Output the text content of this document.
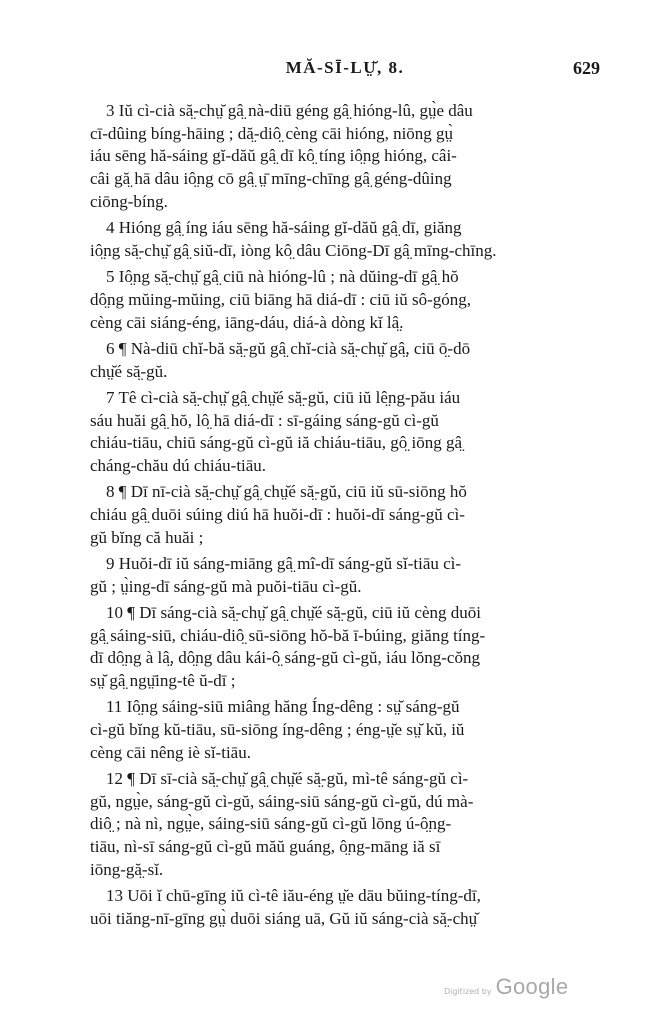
MĂ-SĪ-LṲ̆, 8.	629

3 Iŭ cì-cià să̤-chṳ̆ gâ̤ nà-diū géng gâ̤ hióng-lû, gṳ̀e dâu
cī-dûing bíng-hāing ; dă̤-diô̤ cèng cāi hióng, niōng gṳ̀
iáu sēng hă-sáing gĭ-dăŭ gâ̤ dī kô̤ tíng iô̤ng hióng, câi-
câi gă̤ hā dâu iô̤ng cō gâ̤ ṳ̄ mīng-chīng gâ̤ géng-dûing
ciōng-bíng.

4 Hióng gâ̤ íng iáu sēng hă-sáing gĭ-dăŭ gâ̤ dī, giăng
iô̤ng să̤-chṳ̆ gâ̤ siŭ-dī, iòng kô̤ dâu Ciōng-Dī gâ̤ mīng-chīng.

5 Iô̤ng să̤-chṳ̆ gâ̤ ciū nà hióng-lû ; nà dŭing-dī gâ̤ hŏ
dô̤ng mŭing-mŭing, ciū biāng hā diá-dī : ciū iŭ sô-góng,
cèng cāi siáng-éng, iāng-dáu, diá-à dòng kĭ lâ̤.

6 ¶ Nà-diū chĭ-bă să̤-gŭ gâ̤ chĭ-cià să̤-chṳ̆ gâ̤, ciū ō̤-dō
chṳ̆é să̤-gŭ.

7 Tê cì-cià să̤-chṳ̆ gâ̤ chṳ̆é să̤-gŭ, ciū iŭ lê̤ng-pău iáu
sáu huăi gâ̤ hŏ, lô̤ hā diá-dī : sī-gáing sáng-gŭ cì-gŭ
chiáu-tiāu, chiū sáng-gŭ cì-gŭ iă chiáu-tiāu, gô̤ iōng gâ̤
cháng-chău dú chiáu-tiāu.

8 ¶ Dī nī-cià să̤-chṳ̆ gâ̤ chṳ̆é să̤-gŭ, ciū iŭ sū-siōng hŏ
chiáu gâ̤ duōi súing diú hā huŏi-dī : huŏi-dī sáng-gŭ cì-
gŭ bĭng că huăi ;

9 Huŏi-dī iŭ sáng-miāng gâ̤ mî-dī sáng-gŭ sĭ-tiāu cì-
gŭ ; ṳ̀ing-dī sáng-gŭ mà puŏi-tiāu cì-gŭ.

10 ¶ Dī sáng-cià să̤-chṳ̆ gâ̤ chṳ̆é să̤-gŭ, ciū iŭ cèng duōi
gâ̤ sáing-siū, chiáu-diô̤ sū-siōng hŏ-bă ī-búing, giăng tíng-
dī dô̤ng à lâ̤, dô̤ng dâu kái-ô̤ sáng-gŭ cì-gŭ, iáu lŏng-cŏng
sṳ̆ gâ̤ ngṳ̄ing-tê ŭ-dī ;

11 Iô̤ng sáing-siū miâng hăng Íng-dêng : sṳ̆ sáng-gŭ
cì-gŭ bĭng kŭ-tiāu, sū-siōng íng-dêng ; éng-ṳ̆e sṳ̆ kŭ, iŭ
cèng cāi nêng iè sĭ-tiāu.

12 ¶ Dī sī-cià să̤-chṳ̆ gâ̤ chṳ̆é să̤-gŭ, mì-tê sáng-gŭ cì-
gŭ, ngṳ̀e, sáng-gŭ cì-gŭ, sáing-siū sáng-gŭ cì-gŭ, dú mà-
diô̤ ; nà nì, ngṳ̀e, sáing-siū sáng-gŭ cì-gŭ lōng ú-ô̤ng-
tiāu, nì-sī sáng-gŭ cì-gŭ măŭ guáng, ô̤ng-māng iă sī
iōng-gă̤-sĭ.

13 Uōi ĭ chū-gīng iŭ cì-tê iău-éng ṳ̆e dāu bŭing-tíng-dī,
uōi tiăng-nī-gīng gṳ̀ duōi siáng uā, Gŭ iŭ sáng-cià să̤-chṳ̆

Digitized by Google
